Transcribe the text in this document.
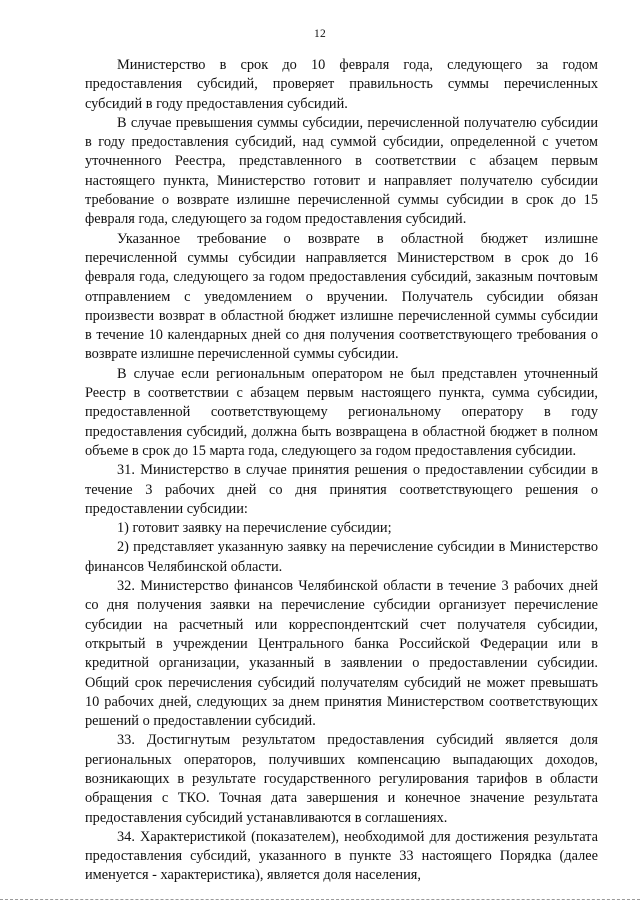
12

Министерство в срок до 10 февраля года, следующего за годом предоставления субсидий, проверяет правильность суммы перечисленных субсидий в году предоставления субсидий.

В случае превышения суммы субсидии, перечисленной получателю субсидии в году предоставления субсидий, над суммой субсидии, определенной с учетом уточненного Реестра, представленного в соответствии с абзацем первым настоящего пункта, Министерство готовит и направляет получателю субсидии требование о возврате излишне перечисленной суммы субсидии в срок до 15 февраля года, следующего за годом предоставления субсидий.

Указанное требование о возврате в областной бюджет излишне перечисленной суммы субсидии направляется Министерством в срок до 16 февраля года, следующего за годом предоставления субсидий, заказным почтовым отправлением с уведомлением о вручении. Получатель субсидии обязан произвести возврат в областной бюджет излишне перечисленной суммы субсидии в течение 10 календарных дней со дня получения соответствующего требования о возврате излишне перечисленной суммы субсидии.

В случае если региональным оператором не был представлен уточненный Реестр в соответствии с абзацем первым настоящего пункта, сумма субсидии, предоставленной соответствующему региональному оператору в году предоставления субсидий, должна быть возвращена в областной бюджет в полном объеме в срок до 15 марта года, следующего за годом предоставления субсидии.

31. Министерство в случае принятия решения о предоставлении субсидии в течение 3 рабочих дней со дня принятия соответствующего решения о предоставлении субсидии:

1) готовит заявку на перечисление субсидии;

2) представляет указанную заявку на перечисление субсидии в Министерство финансов Челябинской области.

32. Министерство финансов Челябинской области в течение 3 рабочих дней со дня получения заявки на перечисление субсидии организует перечисление субсидии на расчетный или корреспондентский счет получателя субсидии, открытый в учреждении Центрального банка Российской Федерации или в кредитной организации, указанный в заявлении о предоставлении субсидии. Общий срок перечисления субсидий получателям субсидий не может превышать 10 рабочих дней, следующих за днем принятия Министерством соответствующих решений о предоставлении субсидий.

33. Достигнутым результатом предоставления субсидий является доля региональных операторов, получивших компенсацию выпадающих доходов, возникающих в результате государственного регулирования тарифов в области обращения с ТКО. Точная дата завершения и конечное значение результата предоставления субсидий устанавливаются в соглашениях.

34. Характеристикой (показателем), необходимой для достижения результата предоставления субсидий, указанного в пункте 33 настоящего Порядка (далее именуется - характеристика), является доля населения,
